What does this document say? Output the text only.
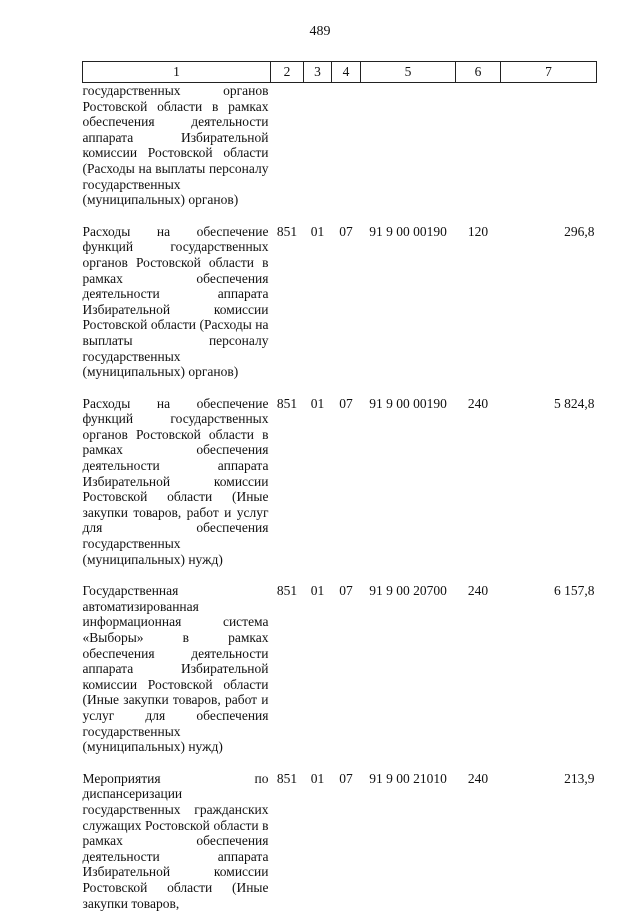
489
1	2	3	4	5	6	7
государственных органов Ростовской области в рамках обеспечения деятельности аппарата Избирательной комиссии Ростовской области (Расходы на выплаты персоналу государственных (муниципальных) органов)						
Расходы на обеспечение функций государственных органов Ростовской области в рамках обеспечения деятельности аппарата Избирательной комиссии Ростовской области (Расходы на выплаты персоналу государственных (муниципальных) органов)	851	01	07	91 9 00 00190	120	296,8
Расходы на обеспечение функций государственных органов Ростовской области в рамках обеспечения деятельности аппарата Избирательной комиссии Ростовской области (Иные закупки товаров, работ и услуг для обеспечения государственных (муниципальных) нужд)	851	01	07	91 9 00 00190	240	5 824,8
Государственная автоматизированная информационная система «Выборы» в рамках обеспечения деятельности аппарата Избирательной комиссии Ростовской области (Иные закупки товаров, работ и услуг для обеспечения государственных (муниципальных) нужд)	851	01	07	91 9 00 20700	240	6 157,8
Мероприятия по диспансеризации государственных гражданских служащих Ростовской области в рамках обеспечения деятельности аппарата Избирательной комиссии Ростовской области (Иные закупки товаров,	851	01	07	91 9 00 21010	240	213,9
